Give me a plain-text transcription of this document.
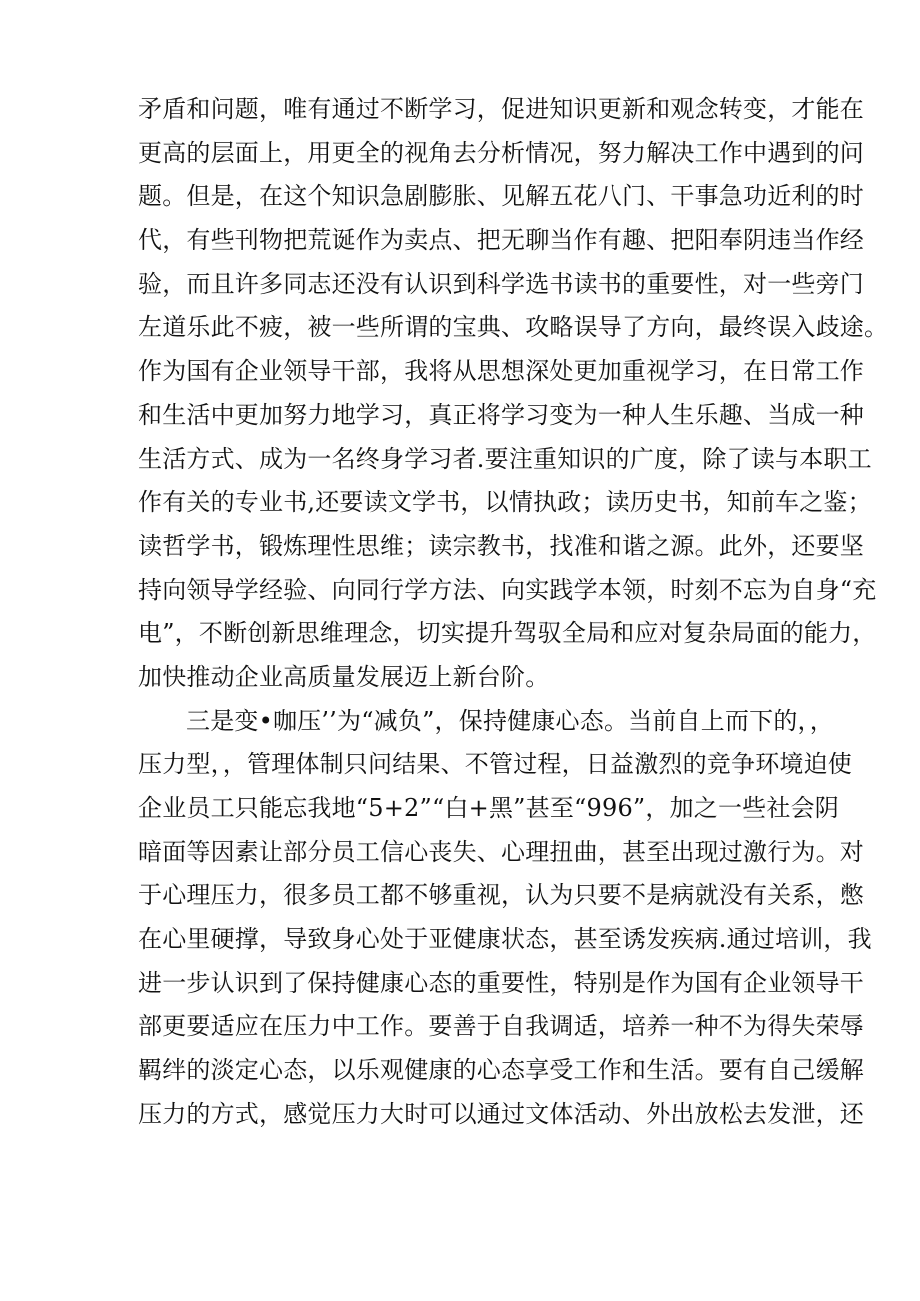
矛盾和问题，唯有通过不断学习，促进知识更新和观念转变，才能在
更高的层面上，用更全的视角去分析情况，努力解决工作中遇到的问
题。但是，在这个知识急剧膨胀、见解五花八门、干事急功近利的时
代，有些刊物把荒诞作为卖点、把无聊当作有趣、把阳奉阴违当作经
验，而且许多同志还没有认识到科学选书读书的重要性，对一些旁门
左道乐此不疲，被一些所谓的宝典、攻略误导了方向，最终误入歧途。
作为国有企业领导干部，我将从思想深处更加重视学习，在日常工作
和生活中更加努力地学习，真正将学习变为一种人生乐趣、当成一种
生活方式、成为一名终身学习者.要注重知识的广度，除了读与本职工
作有关的专业书,还要读文学书，以情执政；读历史书，知前车之鉴；
读哲学书，锻炼理性思维；读宗教书，找准和谐之源。此外，还要坚
持向领导学经验、向同行学方法、向实践学本领，时刻不忘为自身“充
电”，不断创新思维理念，切实提升驾驭全局和应对复杂局面的能力，
加快推动企业高质量发展迈上新台阶。
三是变•咖压’’为“减负”，保持健康心态。当前自上而下的，，
压力型，，管理体制只问结果、不管过程，日益激烈的竞争环境迫使
企业员工只能忘我地“5+2”“白+黑”甚至“996”，加之一些社会阴
暗面等因素让部分员工信心丧失、心理扭曲，甚至出现过激行为。对
于心理压力，很多员工都不够重视，认为只要不是病就没有关系，憋
在心里硬撑，导致身心处于亚健康状态，甚至诱发疾病.通过培训，我
进一步认识到了保持健康心态的重要性，特别是作为国有企业领导干
部更要适应在压力中工作。要善于自我调适，培养一种不为得失荣辱
羁绊的淡定心态，以乐观健康的心态享受工作和生活。要有自己缓解
压力的方式，感觉压力大时可以通过文体活动、外出放松去发泄，还
